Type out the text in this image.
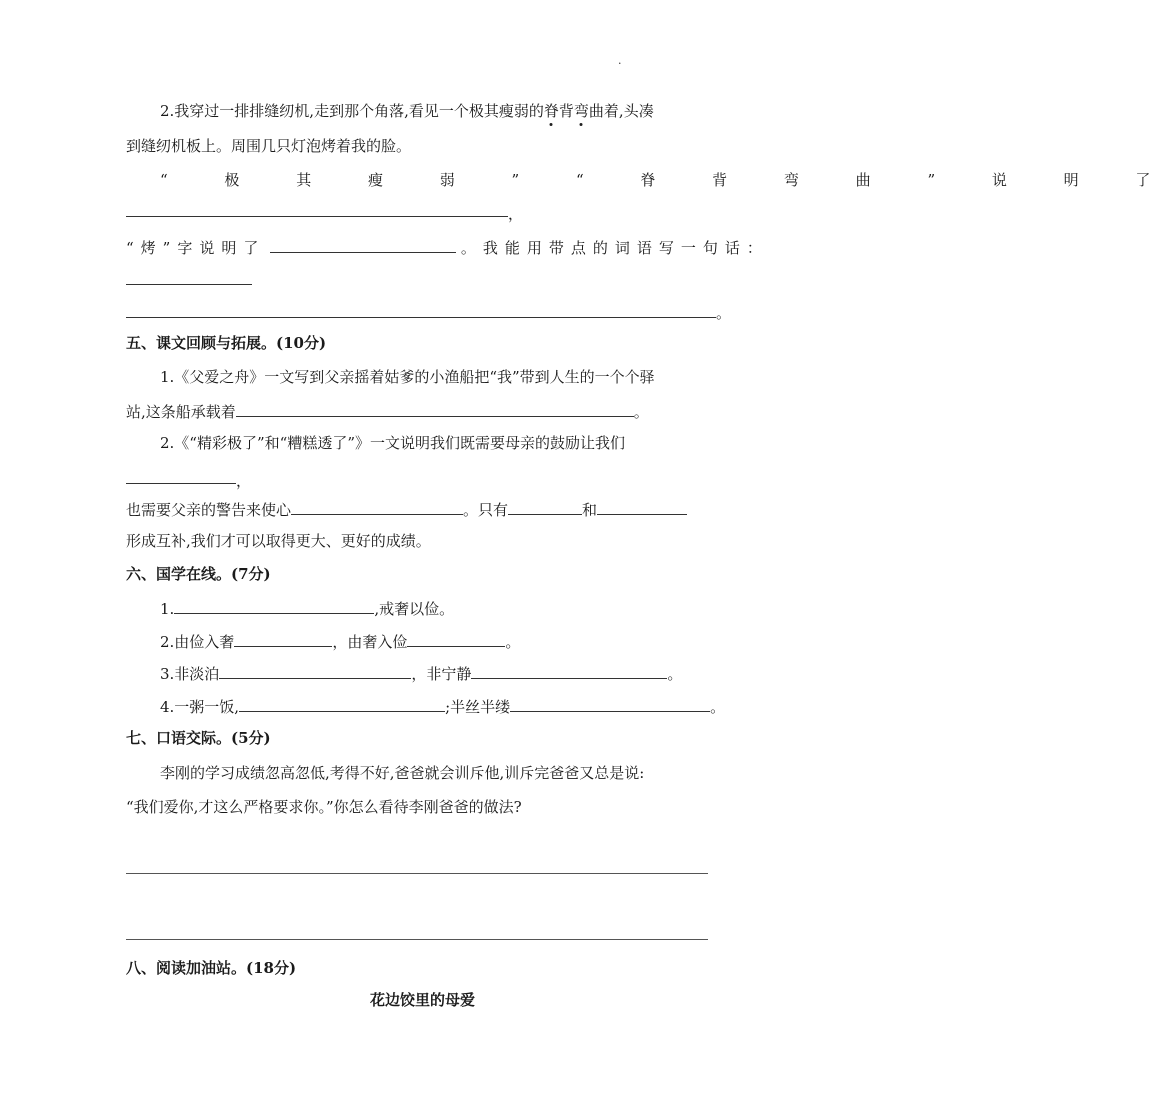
.
2.我穿过一排排缝纫机,走到那个角落,看见一个极其瘦弱的脊背弯曲着,头凑
到缝纫机板上。周围几只灯泡烤着我的脸。
“ 极 其 瘦 弱 ” “ 脊 背 弯 曲 ” 说 明 了
，
“烤”字说明了	。我能用带点的词语写一句话：
。
五、课文回顾与拓展。(10分)
1.《父爱之舟》一文写到父亲摇着姑爹的小渔船把“我”带到人生的一个个驿
站,这条船承载着	。
2.《“精彩极了”和“糟糕透了”》一文说明我们既需要母亲的鼓励让我们
，
也需要父亲的警告来使心	。只有	和
形成互补,我们才可以取得更大、更好的成绩。
六、国学在线。(7分)
1.	,戒奢以俭。
2.由俭入奢	，由奢入俭	。
3.非淡泊	，非宁静	。
4.一粥一饭,	;半丝半缕	。
七、口语交际。(5分)
李刚的学习成绩忽高忽低,考得不好,爸爸就会训斥他,训斥完爸爸又总是说:
“我们爱你,才这么严格要求你。”你怎么看待李刚爸爸的做法?
八、阅读加油站。(18分)
花边饺里的母爱
